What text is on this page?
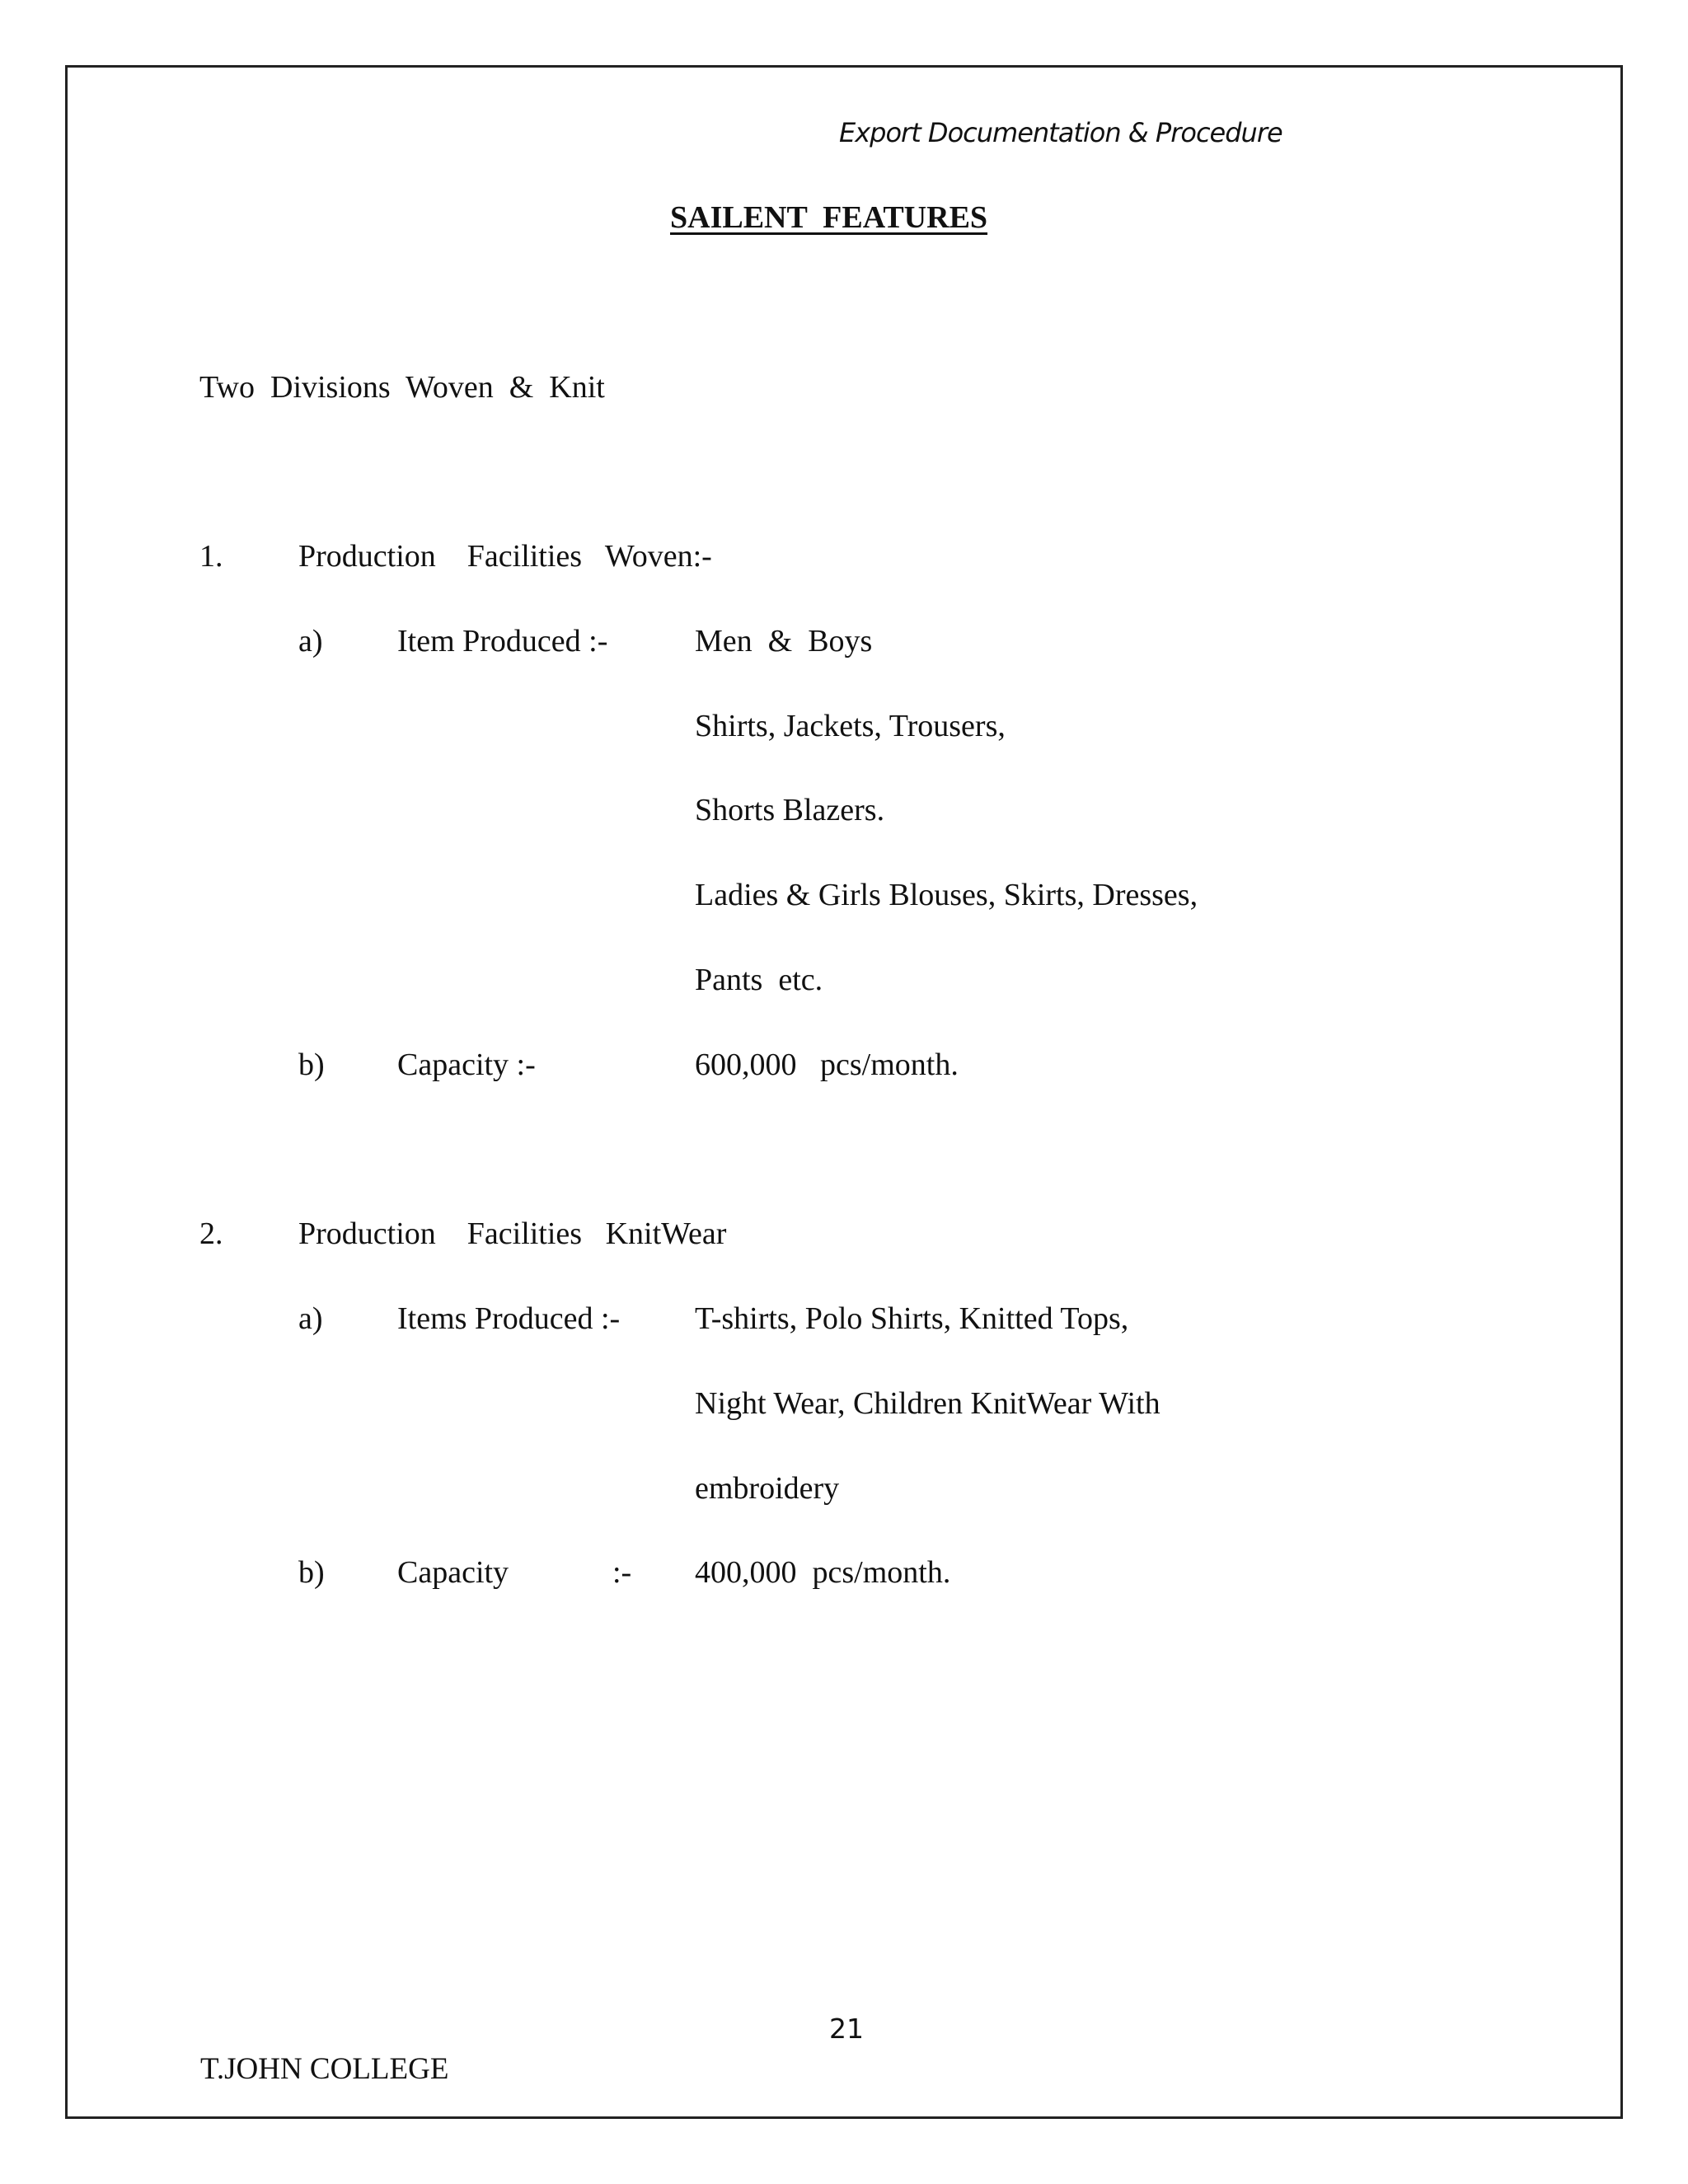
Export Documentation & Procedure
SAILENT  FEATURES
Two  Divisions  Woven  &  Knit
1. Production    Facilities   Woven:-
a) Item Produced :-	Men  &  Boys
Shirts, Jackets, Trousers,
Shorts Blazers.
Ladies & Girls Blouses, Skirts, Dresses,
Pants  etc.
b) Capacity :-	600,000   pcs/month.
2. Production    Facilities   KnitWear
a) Items Produced :- T-shirts, Polo Shirts, Knitted Tops,
Night Wear, Children KnitWear With
embroidery
b) Capacity	:- 400,000  pcs/month.
21
T.JOHN COLLEGE
